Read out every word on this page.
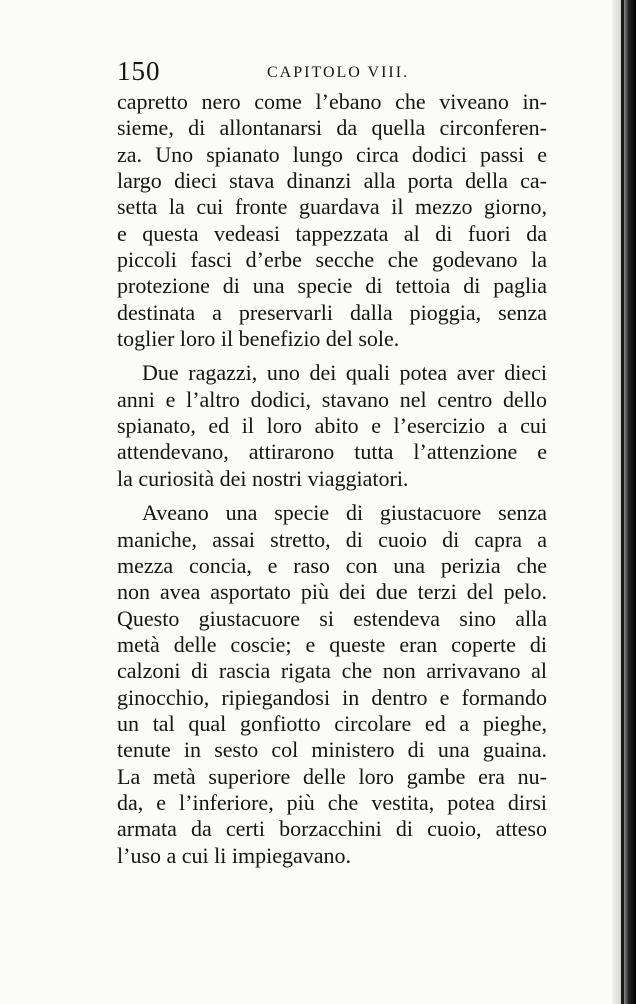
150	CAPITOLO VIII.
capretto nero come l’ebano che viveano in-
sieme, di allontanarsi da quella circonferen-
za. Uno spianato lungo circa dodici passi e
largo dieci stava dinanzi alla porta della ca-
setta la cui fronte guardava il mezzo giorno,
e questa vedeasi tappezzata al di fuori da
piccoli fasci d’erbe secche che godevano la
protezione di una specie di tettoia di paglia
destinata a preservarli dalla pioggia, senza
toglier loro il benefizio del sole.
Due ragazzi, uno dei quali potea aver dieci
anni e l’altro dodici, stavano nel centro dello
spianato, ed il loro abito e l’esercizio a cui
attendevano, attirarono tutta l’attenzione e
la curiosità dei nostri viaggiatori.
Aveano una specie di giustacuore senza
maniche, assai stretto, di cuoio di capra a
mezza concia, e raso con una perizia che
non avea asportato più dei due terzi del pelo.
Questo giustacuore si estendeva sino alla
metà delle coscie; e queste eran coperte di
calzoni di rascia rigata che non arrivavano al
ginocchio, ripiegandosi in dentro e formando
un tal qual gonfiotto circolare ed a pieghe,
tenute in sesto col ministero di una guaina.
La metà superiore delle loro gambe era nu-
da, e l’inferiore, più che vestita, potea dirsi
armata da certi borzacchini di cuoio, atteso
l’uso a cui li impiegavano.
